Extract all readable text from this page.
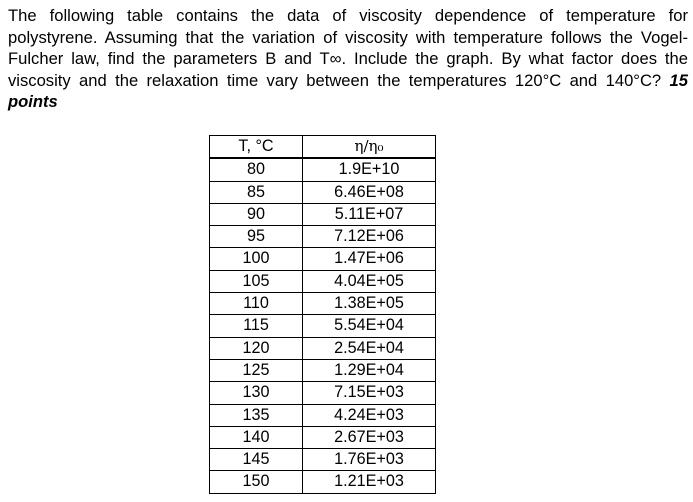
The following table contains the data of viscosity dependence of temperature for polystyrene. Assuming that the variation of viscosity with temperature follows the Vogel-Fulcher law, find the parameters B and T∞. Include the graph. By what factor does the viscosity and the relaxation time vary between the temperatures 120°C and 140°C? 15 points
T, °C	η/η₀
80	1.9E+10
85	6.46E+08
90	5.11E+07
95	7.12E+06
100	1.47E+06
105	4.04E+05
110	1.38E+05
115	5.54E+04
120	2.54E+04
125	1.29E+04
130	7.15E+03
135	4.24E+03
140	2.67E+03
145	1.76E+03
150	1.21E+03
